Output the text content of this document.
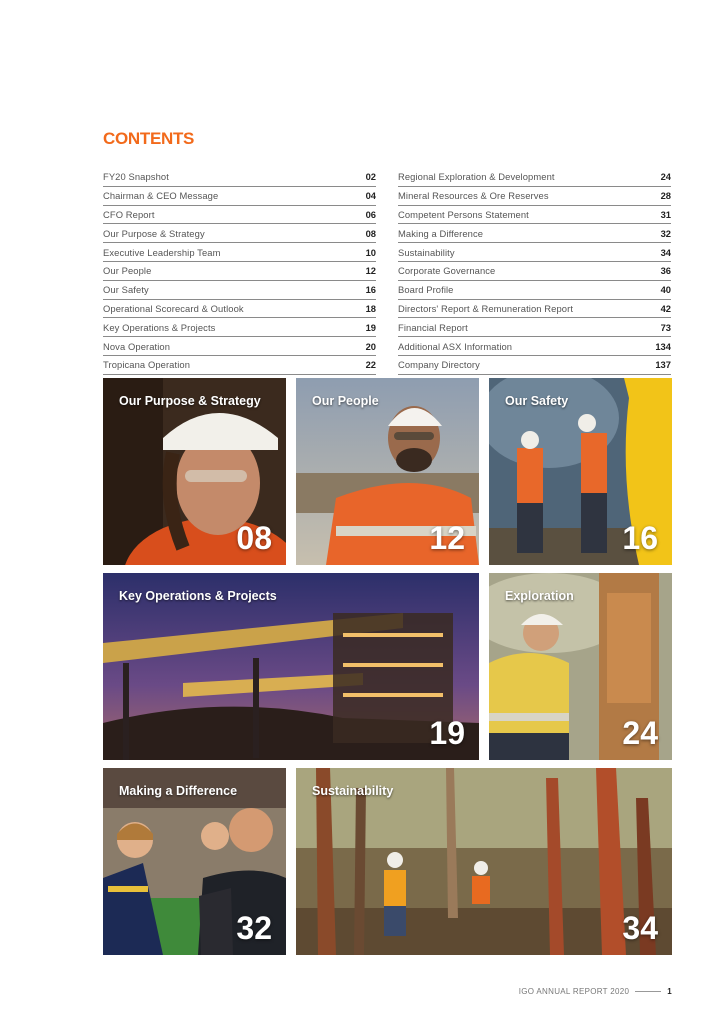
CONTENTS
FY20 Snapshot	02
Chairman & CEO Message	04
CFO Report	06
Our Purpose & Strategy	08
Executive Leadership Team	10
Our People	12
Our Safety	16
Operational Scorecard & Outlook	18
Key Operations & Projects	19
Nova Operation	20
Tropicana Operation	22
Regional Exploration & Development	24
Mineral Resources & Ore Reserves	28
Competent Persons Statement	31
Making a Difference	32
Sustainability	34
Corporate Governance	36
Board Profile	40
Directors' Report & Remuneration Report	42
Financial Report	73
Additional ASX Information	134
Company Directory	137
Our Purpose & Strategy
08
Our People
12
Our Safety
16
Key Operations & Projects
19
Exploration
24
Making a Difference
32
Sustainability
34
IGO ANNUAL REPORT 2020	1
